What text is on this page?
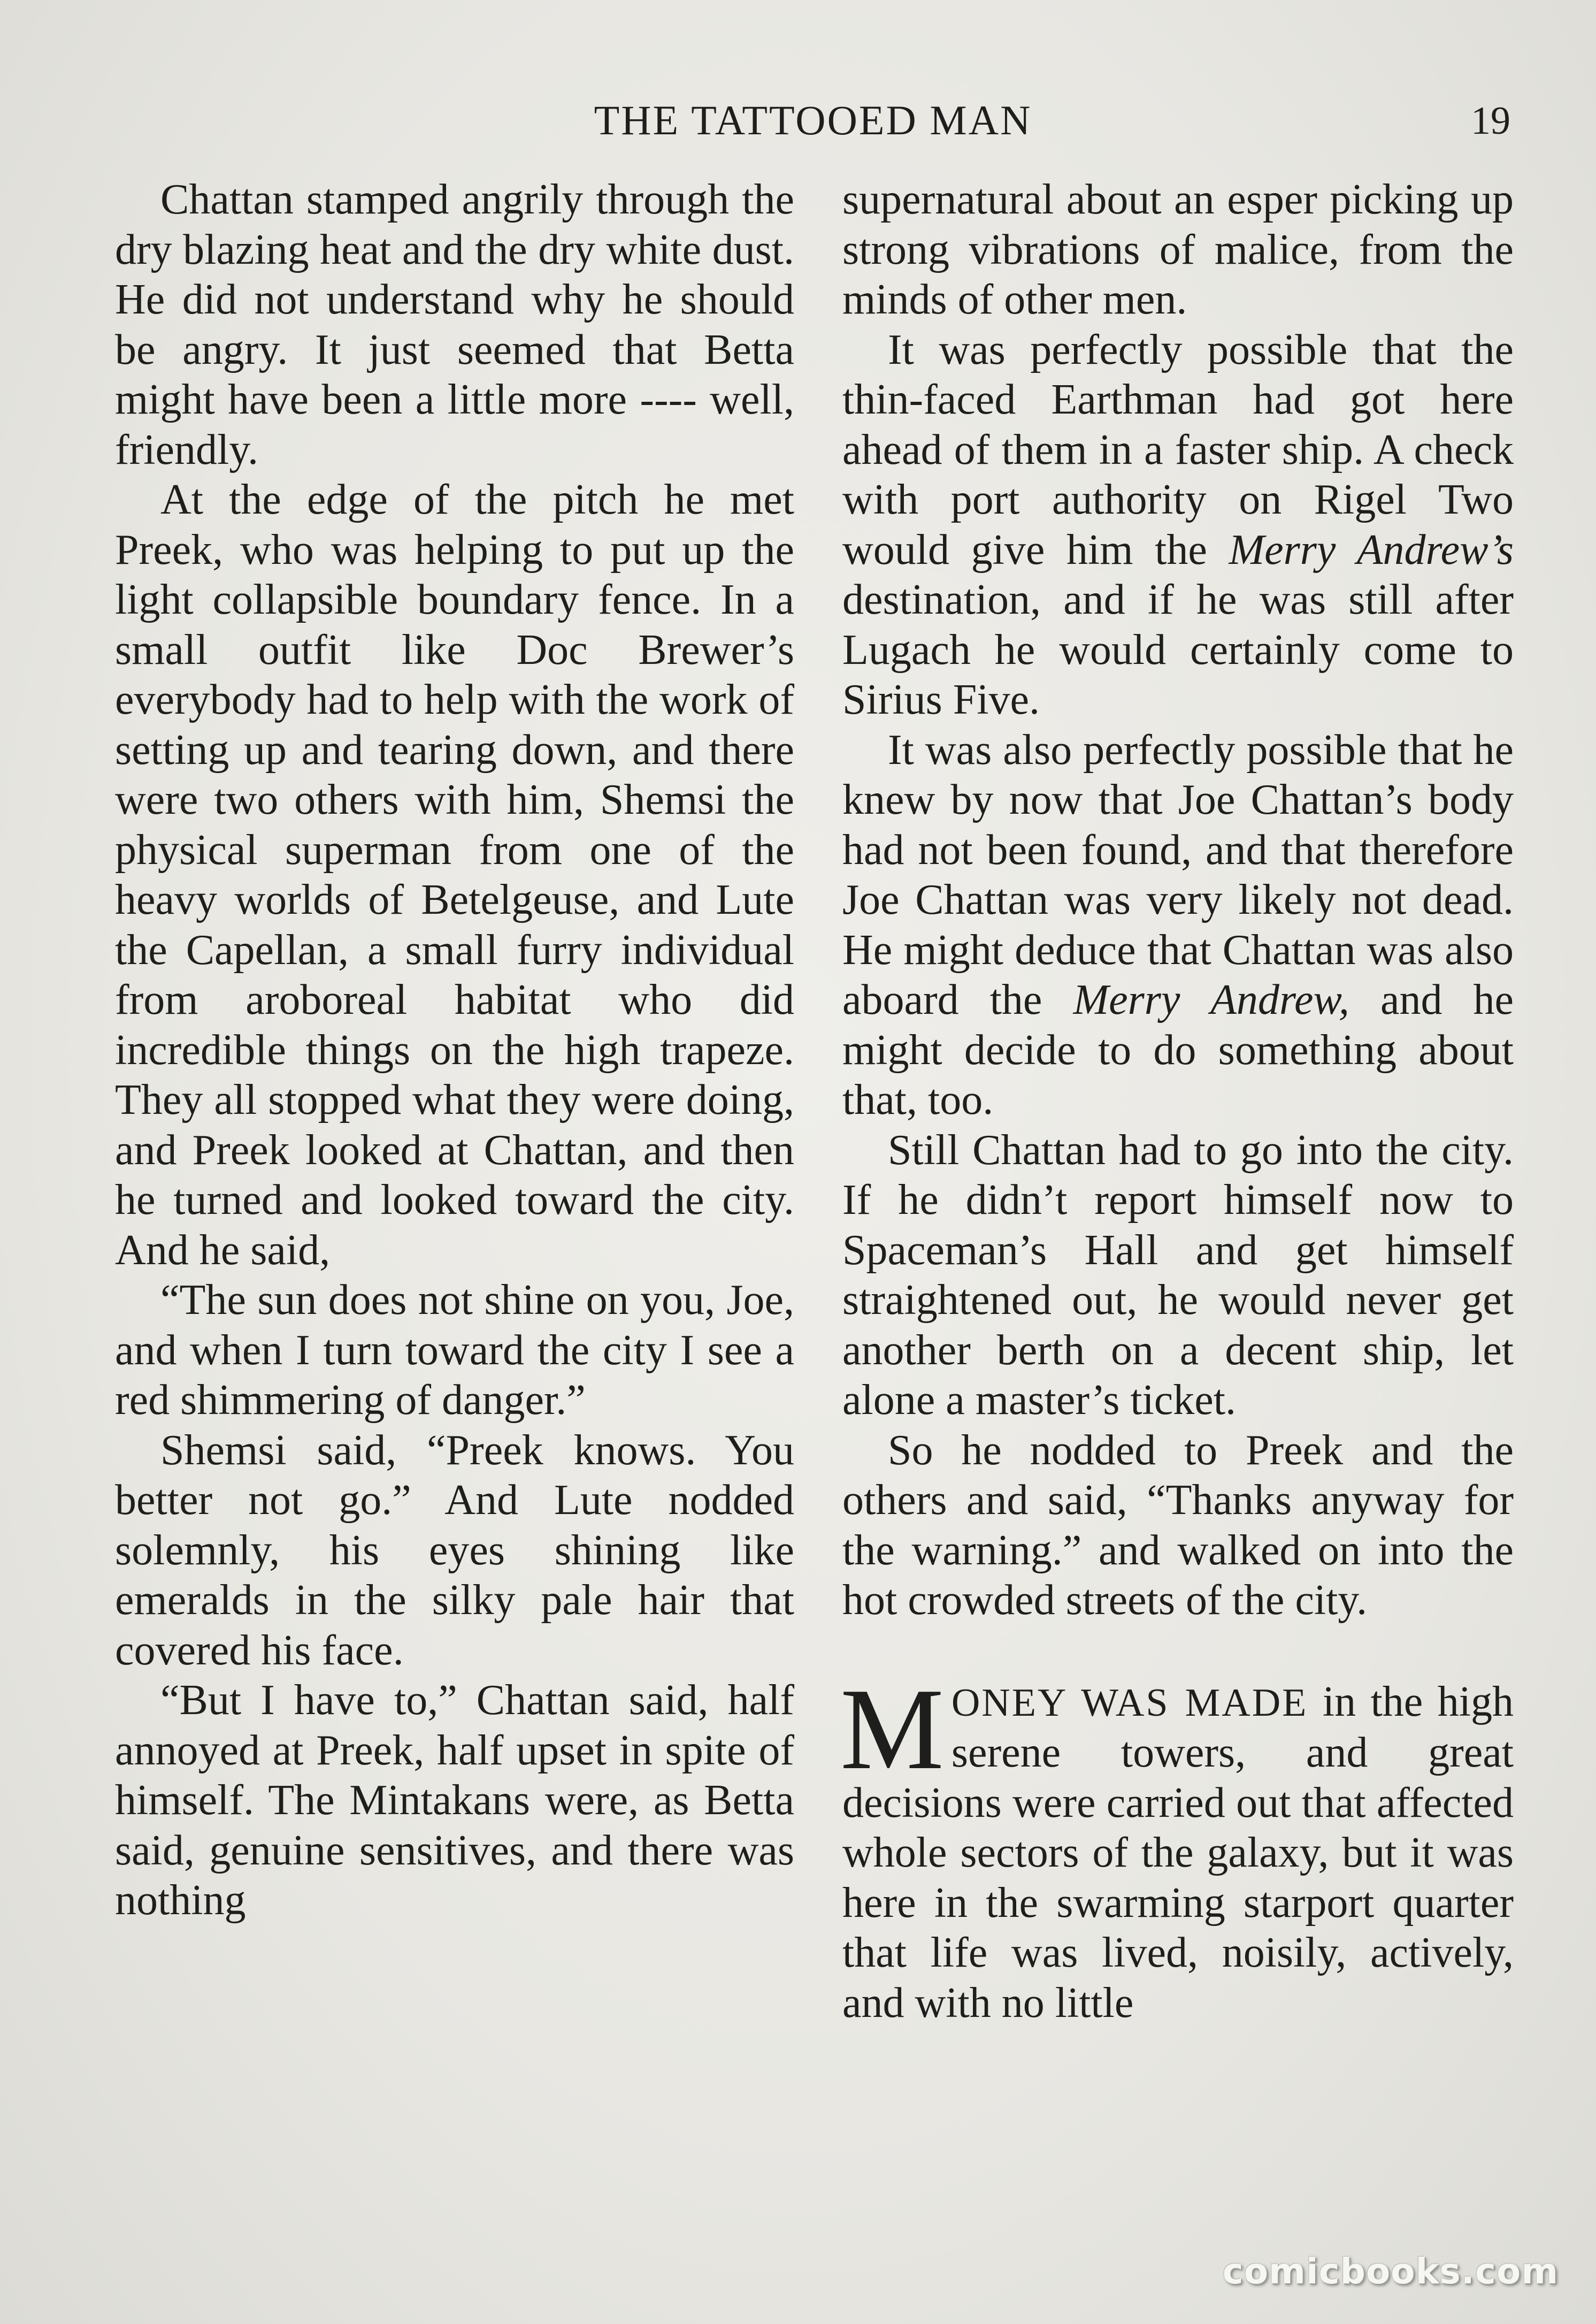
THE TATTOOED MAN	19

Chattan stamped angrily through the dry blazing heat and the dry white dust. He did not understand why he should be angry. It just seemed that Betta might have been a little more ---- well, friendly.

At the edge of the pitch he met Preek, who was helping to put up the light collapsible boundary fence. In a small outfit like Doc Brewer’s everybody had to help with the work of setting up and tearing down, and there were two others with him, Shemsi the physical superman from one of the heavy worlds of Betelgeuse, and Lute the Capellan, a small furry individual from aroboreal habitat who did incredible things on the high trapeze. They all stopped what they were doing, and Preek looked at Chattan, and then he turned and looked toward the city. And he said,

“The sun does not shine on you, Joe, and when I turn toward the city I see a red shimmering of danger.”

Shemsi said, “Preek knows. You better not go.” And Lute nodded solemnly, his eyes shining like emeralds in the silky pale hair that covered his face.

“But I have to,” Chattan said, half annoyed at Preek, half upset in spite of himself. The Mintakans were, as Betta said, genuine sensitives, and there was nothing

supernatural about an esper picking up strong vibrations of malice, from the minds of other men.

It was perfectly possible that the thin-faced Earthman had got here ahead of them in a faster ship. A check with port authority on Rigel Two would give him the Merry Andrew’s destination, and if he was still after Lugach he would certainly come to Sirius Five.

It was also perfectly possible that he knew by now that Joe Chattan’s body had not been found, and that therefore Joe Chattan was very likely not dead. He might deduce that Chattan was also aboard the Merry Andrew, and he might decide to do something about that, too.

Still Chattan had to go into the city. If he didn’t report himself now to Spaceman’s Hall and get himself straightened out, he would never get another berth on a decent ship, let alone a master’s ticket.

So he nodded to Preek and the others and said, “Thanks anyway for the warning.” and walked on into the hot crowded streets of the city.

MONEY WAS MADE in the high serene towers, and great decisions were carried out that affected whole sectors of the galaxy, but it was here in the swarming starport quarter that life was lived, noisily, actively, and with no little

comicbooks.com
